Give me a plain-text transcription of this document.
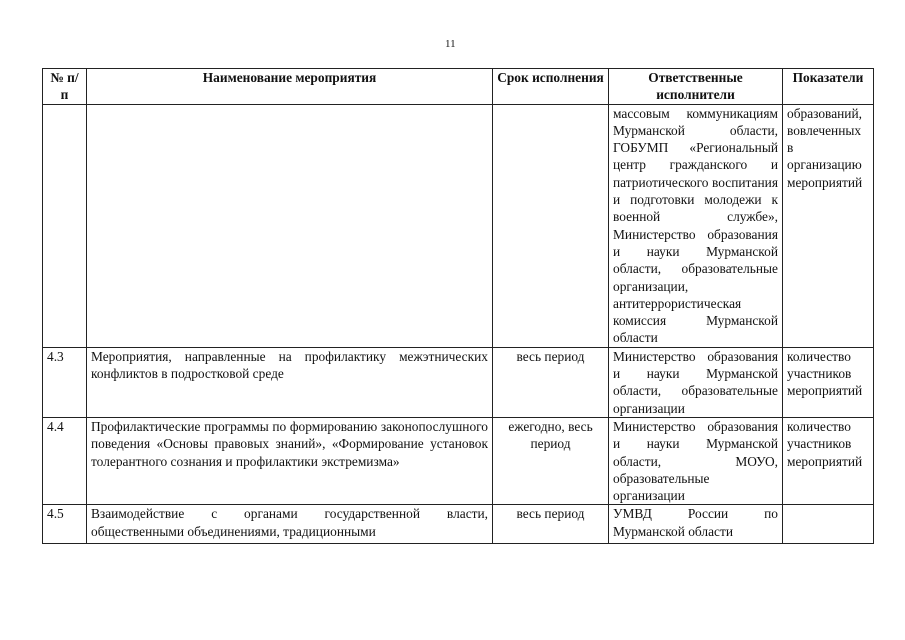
11
№ п/п	Наименование мероприятия	Срок исполнения	Ответственные исполнители	Показатели
			массовым коммуникациям Мурманской области, ГОБУМП «Региональный центр гражданского и патриотического воспитания и подготовки молодежи к военной службе», Министерство образования и науки Мурманской области, образовательные организации, антитеррористическая комиссия Мурманской области	образований, вовлеченных в организацию мероприятий
4.3	Мероприятия, направленные на профилактику межэтнических конфликтов в подростковой среде	весь период	Министерство образования и науки Мурманской области, образовательные организации	количество участников мероприятий
4.4	Профилактические программы по формированию законопослушного поведения «Основы правовых знаний», «Формирование установок толерантного сознания и профилактики экстремизма»	ежегодно, весь период	Министерство образования и науки Мурманской области, МОУО, образовательные организации	количество участников мероприятий
4.5	Взаимодействие с органами государственной власти, общественными объединениями, традиционными	весь период	УМВД России по Мурманской области	
